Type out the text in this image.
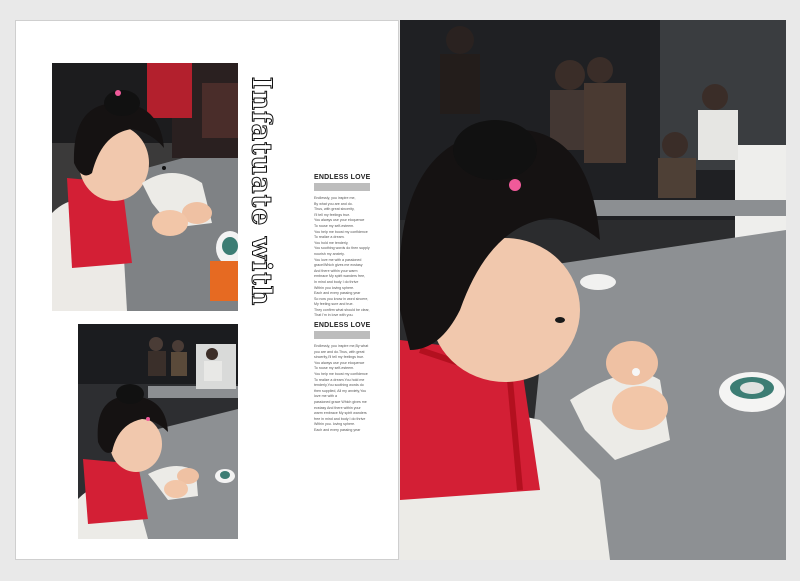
Infatuate with	ENDLESS LOVE
Endlessly, you inspire me,
By what you are and do.
Thus, with great sincerity,
I'll tell my feelings true.
You always use your eloquence
To rouse my self-esteem.
You help me boost my confidence
To realize a dream.
You hold me tenderly,
You soothing words do then supply
nourish my anxiety.
You love me with a passioned
grace/Which gives me ecstasy
And there within your warm
embrace My spirit wanders free,
In mind and body I do thrive
Within you loving sphere.
Each and every passing year
So now you know in word sincere,
My feeling sure and true.
They confirm what should be clear,
That I'm in love with you.
ENDLESS LOVE
Endlessly, you inspire me,By what
you are and do.Thus, with great
sincerity,I'll tell my feelings true.
You always use your eloquence
To rouse my self-esteem.
You help me boost my confidence
To realize a dream.You hold me
tenderly,You soothing words do
then supplied, All my anxiety,You
love me with a
passioned grace Which gives me
ecstasy And there within your
warm embrace My spirit wanders
free in mind and body I do thrive
Within you. loving sphere.
Each and every passing year
